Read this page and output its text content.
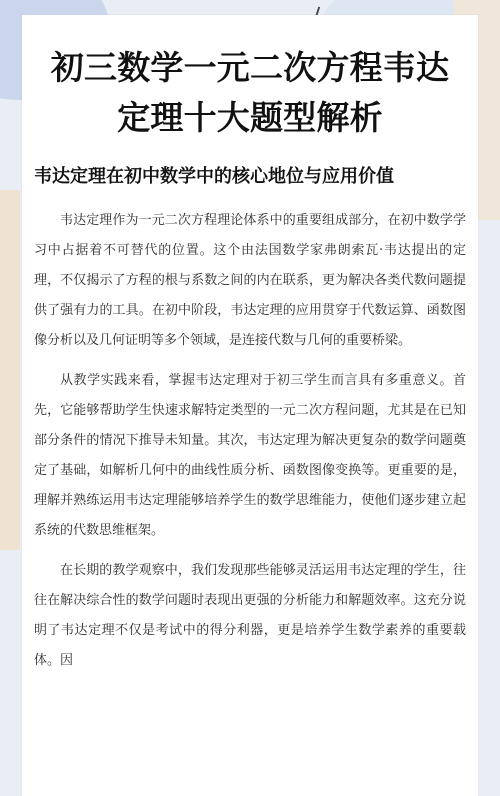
初三数学一元二次方程韦达定理十大题型解析
韦达定理在初中数学中的核心地位与应用价值

韦达定理作为一元二次方程理论体系中的重要组成部分，在初中数学学习中占据着不可替代的位置。这个由法国数学家弗朗索瓦·韦达提出的定理，不仅揭示了方程的根与系数之间的内在联系，更为解决各类代数问题提供了强有力的工具。在初中阶段，韦达定理的应用贯穿于代数运算、函数图像分析以及几何证明等多个领域，是连接代数与几何的重要桥梁。

从教学实践来看，掌握韦达定理对于初三学生而言具有多重意义。首先，它能够帮助学生快速求解特定类型的一元二次方程问题，尤其是在已知部分条件的情况下推导未知量。其次，韦达定理为解决更复杂的数学问题奠定了基础，如解析几何中的曲线性质分析、函数图像变换等。更重要的是，理解并熟练运用韦达定理能够培养学生的数学思维能力，使他们逐步建立起系统的代数思维框架。

在长期的教学观察中，我们发现那些能够灵活运用韦达定理的学生，往往在解决综合性的数学问题时表现出更强的分析能力和解题效率。这充分说明了韦达定理不仅是考试中的得分利器，更是培养学生数学素养的重要载体。因
